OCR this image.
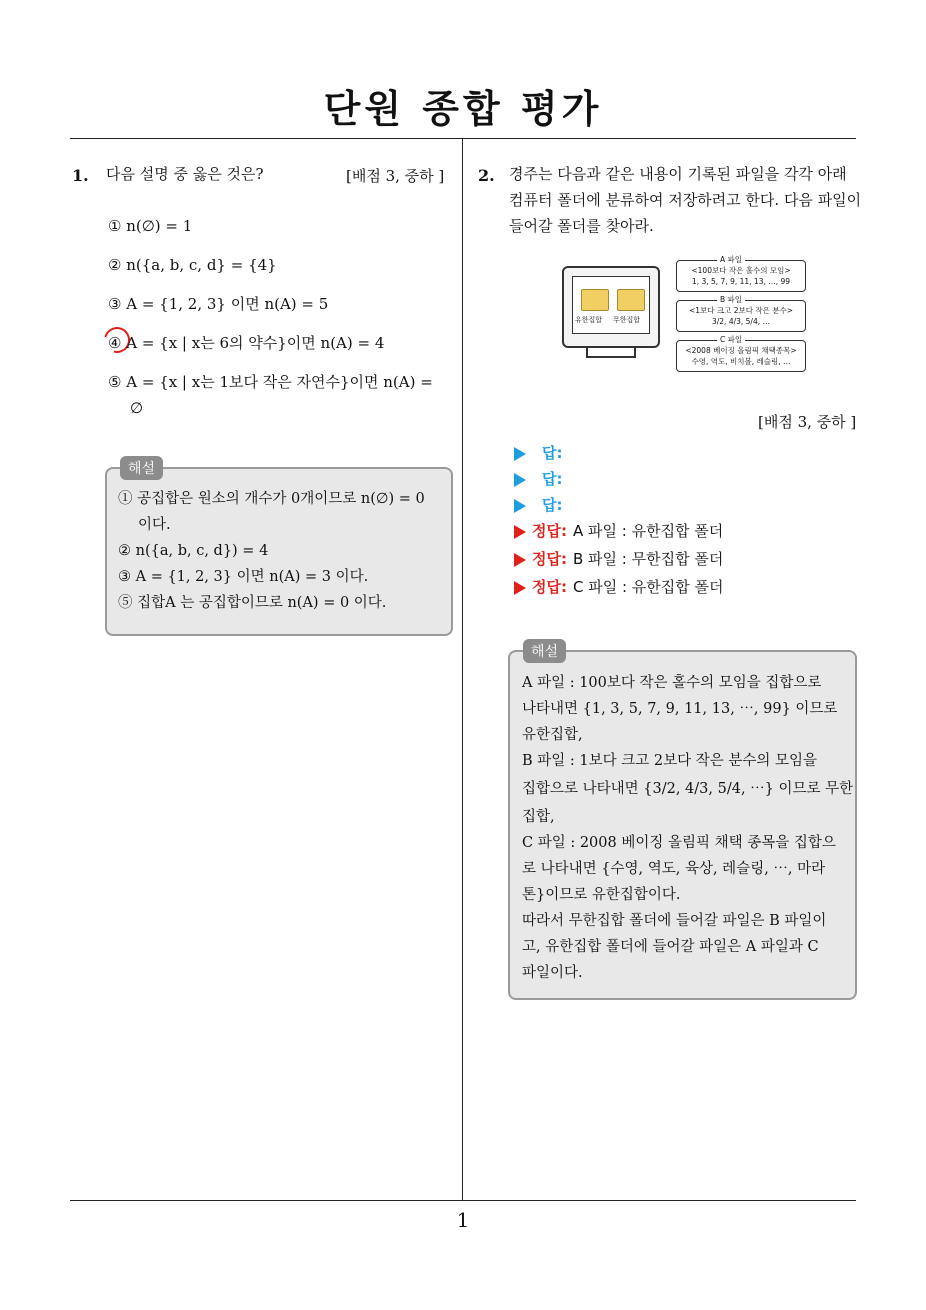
단원 종합 평가
1. 다음 설명 중 옳은 것은?	[배점 3, 중하 ]
① n(∅) = 1
② n({a, b, c, d} = {4}
③ A = {1, 2, 3} 이면 n(A) = 5
④ A = {x | x는 6의 약수}이면 n(A) = 4
⑤ A = {x | x는 1보다 작은 자연수}이면 n(A) =
∅
해설
① 공집합은 원소의 개수가 0개이므로 n(∅) = 0
이다.
② n({a, b, c, d}) = 4
③ A = {1, 2, 3} 이면 n(A) = 3 이다.
⑤ 집합A 는 공집합이므로 n(A) = 0 이다.
2. 경주는 다음과 같은 내용이 기록된 파일을 각각 아래
컴퓨터 폴더에 분류하여 저장하려고 한다. 다음 파일이
들어갈 폴더를 찾아라.
유한집합 무한집합
A 파일
<100보다 작은 홀수의 모임>
1, 3, 5, 7, 9, 11, 13, …, 99
B 파일
<1보다 크고 2보다 작은 분수>
3/2, 4/3, 5/4, …
C 파일
<2008 베이징 올림픽 채택종목>
수영, 역도, 비치볼, 레슬링, …
[배점 3, 중하 ]
답:
답:
답:
정답: A 파일 : 유한집합 폴더
정답: B 파일 : 무한집합 폴더
정답: C 파일 : 유한집합 폴더
해설
A 파일 : 100보다 작은 홀수의 모임을 집합으로
나타내면 {1, 3, 5, 7, 9, 11, 13, ⋯, 99} 이므로
유한집합,
B 파일 : 1보다 크고 2보다 작은 분수의 모임을
집합으로 나타내면 {3/2, 4/3, 5/4, ⋯} 이므로 무한
집합,
C 파일 : 2008 베이징 올림픽 채택 종목을 집합으
로 나타내면 {수영, 역도, 육상, 레슬링, ⋯, 마라
톤}이므로 유한집합이다.
따라서 무한집합 폴더에 들어갈 파일은 B 파일이
고, 유한집합 폴더에 들어갈 파일은 A 파일과 C
파일이다.
1
